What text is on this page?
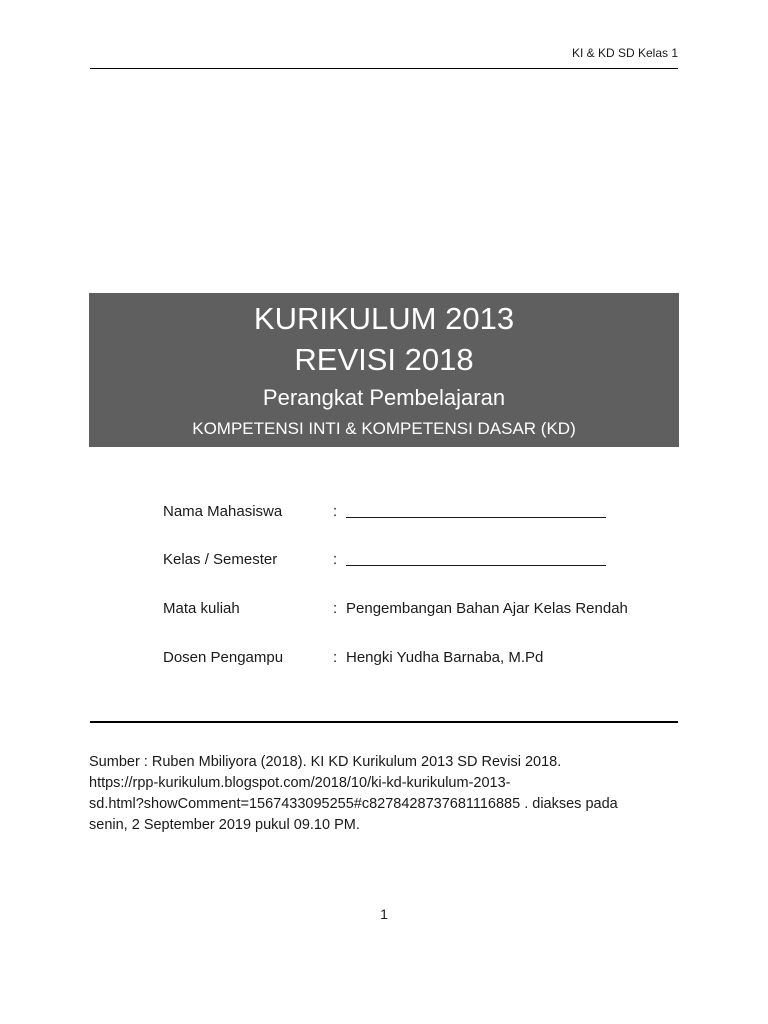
KI & KD SD Kelas 1
KURIKULUM 2013
REVISI 2018
Perangkat Pembelajaran
KOMPETENSI INTI & KOMPETENSI DASAR (KD)
Nama Mahasiswa	:
Kelas / Semester	:
Mata kuliah	: Pengembangan Bahan Ajar Kelas Rendah
Dosen Pengampu	: Hengki Yudha Barnaba, M.Pd
Sumber : Ruben Mbiliyora (2018). KI KD Kurikulum 2013 SD Revisi 2018.
https://rpp-kurikulum.blogspot.com/2018/10/ki-kd-kurikulum-2013-
sd.html?showComment=1567433095255#c8278428737681116885 . diakses pada
senin, 2 September 2019 pukul 09.10 PM.
1
